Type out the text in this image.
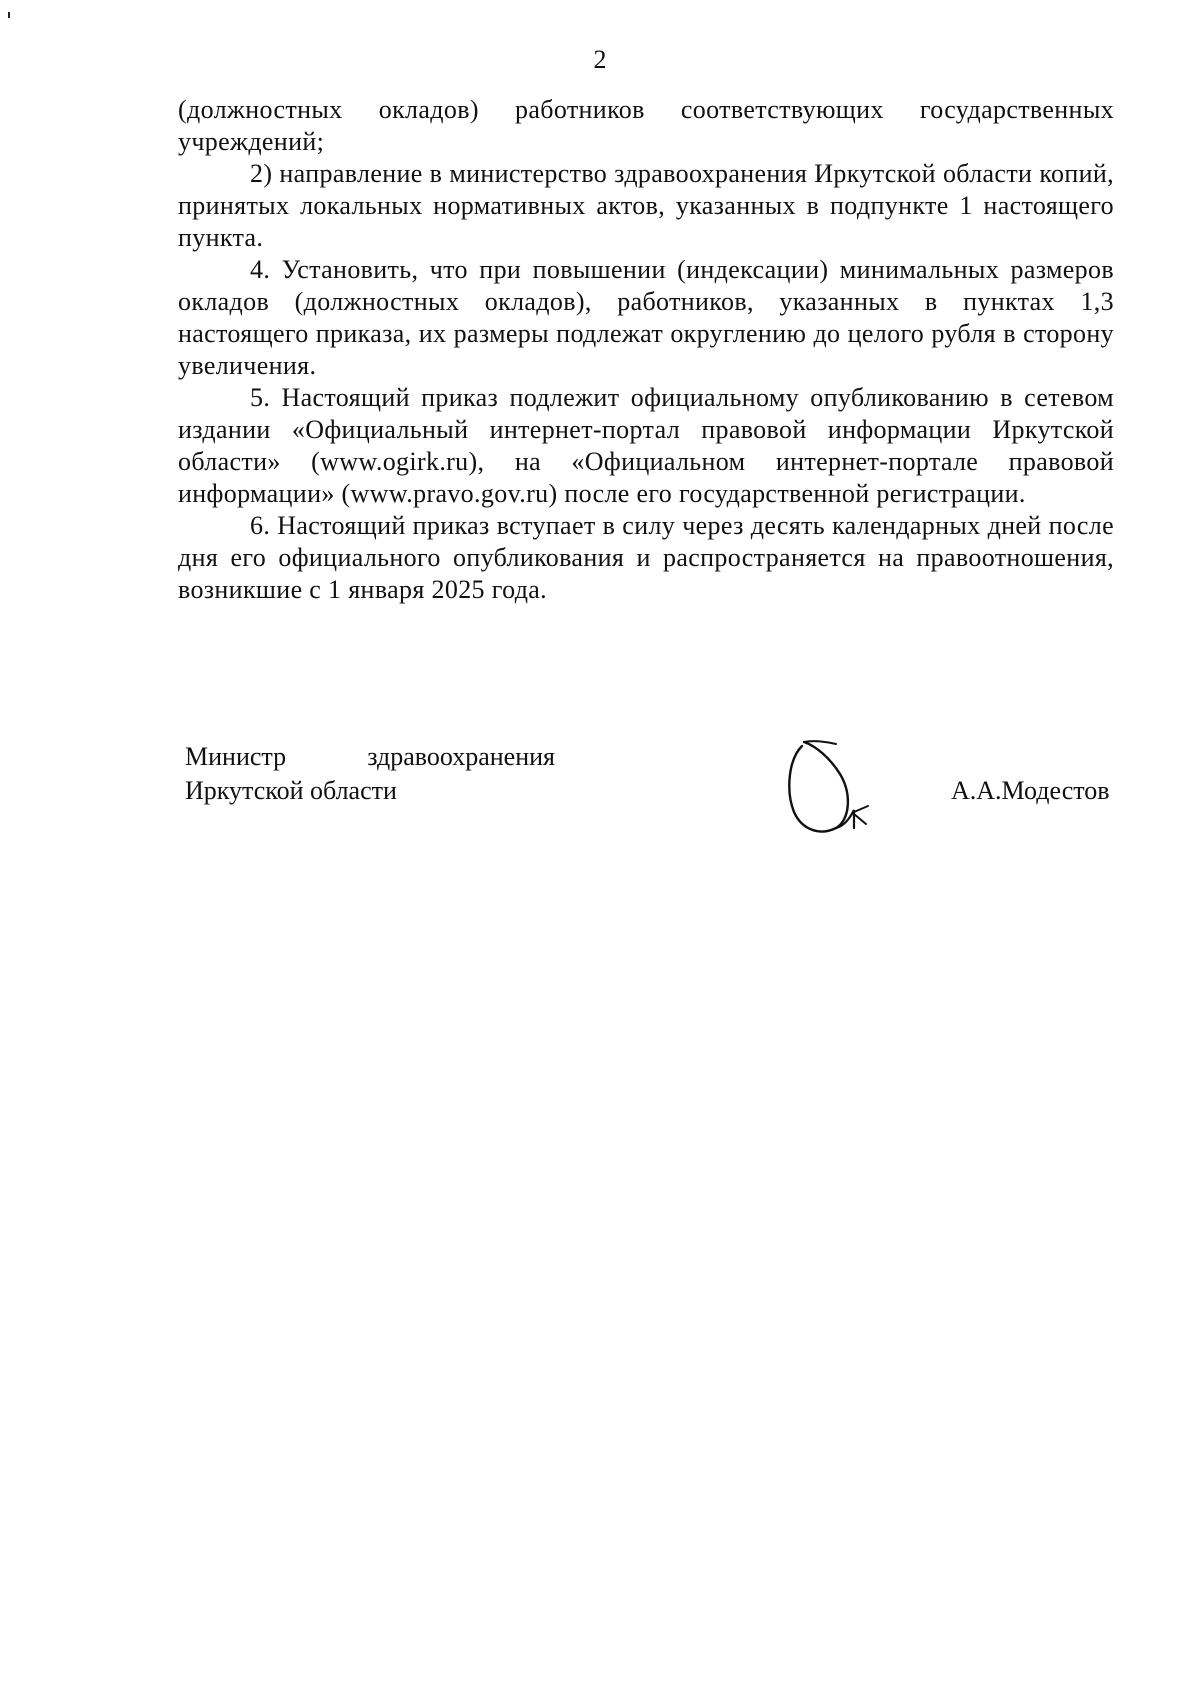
2

(должностных окладов) работников соответствующих государственных учреждений;

2) направление в министерство здравоохранения Иркутской области копий, принятых локальных нормативных актов, указанных в подпункте 1 настоящего пункта.

4. Установить, что при повышении (индексации) минимальных размеров окладов (должностных окладов), работников, указанных в пунктах 1,3 настоящего приказа, их размеры подлежат округлению до целого рубля в сторону увеличения.

5. Настоящий приказ подлежит официальному опубликованию в сетевом издании «Официальный интернет-портал правовой информации Иркутской области» (www.ogirk.ru), на «Официальном интернет-портале правовой информации» (www.pravo.gov.ru) после его государственной регистрации.

6. Настоящий приказ вступает в силу через десять календарных дней после дня его официального опубликования и распространяется на правоотношения, возникшие с 1 января 2025 года.

Министр	здравоохранения
Иркутской области	А.А.Модестов
